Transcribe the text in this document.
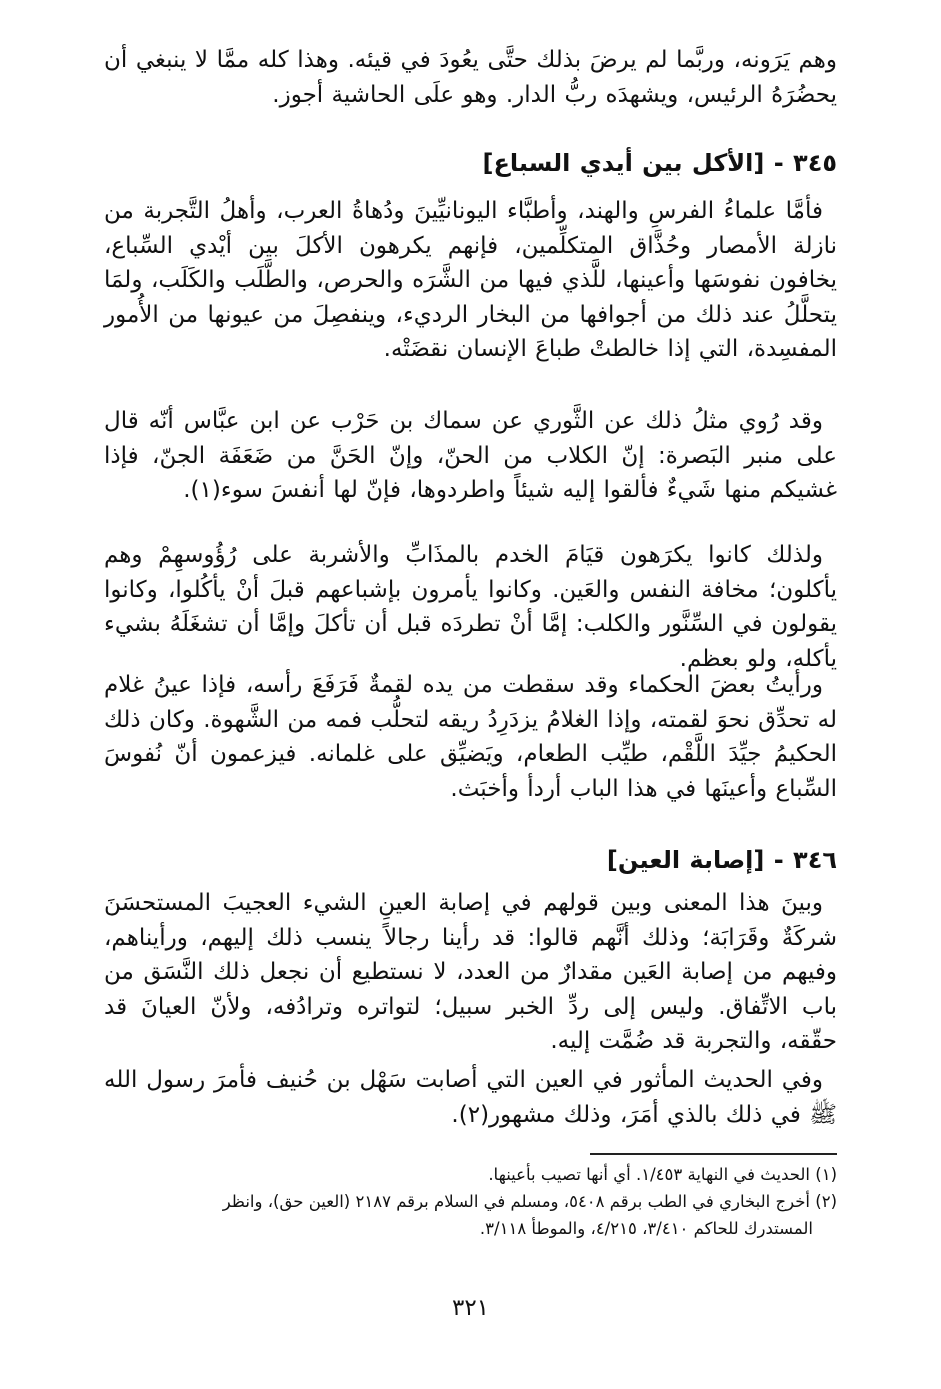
وهم يَرَونه، وربَّما لم يرضَ بذلك حتَّى يعُودَ في قيئه. وهذا كله ممَّا لا ينبغي أن يحضُرَهُ الرئيس، ويشهدَه ربُّ الدار. وهو علَى الحاشية أجوز.

٣٤٥ - [الأكل بين أيدي السباع]

فأمَّا علماءُ الفرسِ والهند، وأطبَّاء اليونانيِّينَ ودُهاةُ العرب، وأهلُ التَّجربة من نازلة الأمصار وحُذَّاق المتكلِّمين، فإنهم يكرهون الأكلَ بين أيْدي السِّباع، يخافون نفوسَها وأعينها، للَّذي فيها من الشَّرَه والحرص، والطَّلَب والكَلَب، ولمَا يتحلَّلُ عند ذلك من أجوافها من البخار الرديء، وينفصِلَ من عيونها من الأُمور المفسِدة، التي إذا خالطتْ طباعَ الإنسان نقضَتْه.

وقد رُوي مثلُ ذلك عن الثَّوري عن سماك بن حَرْب عن ابن عبَّاس أنّه قال على منبر البَصرة: إنّ الكلاب من الحنّ، وإنّ الحَنَّ من ضَعَفَة الجنّ، فإذا غشيكم منها شَيءٌ فألقوا إليه شيئاً واطردوها، فإنّ لها أنفسَ سوء(١).

ولذلك كانوا يكرَهون قيَامَ الخدم بالمذَابِّ والأشربة على رُؤُوسهِمْ وهم يأكلون؛ مخافة النفس والعَين. وكانوا يأمرون بإشباعهم قبلَ أنْ يأكُلوا، وكانوا يقولون في السِّنَّور والكلب: إمَّا أنْ تطردَه قبل أن تأكلَ وإمَّا أن تشغَلَهُ بشيء يأكله، ولو بعظم.

ورأيتُ بعضَ الحكماء وقد سقطت من يده لقمةٌ فَرَفَعَ رأسه، فإذا عينُ غلام له تحدِّق نحوَ لقمته، وإذا الغلامُ يزدَرِدُ ريقه لتحلُّب فمه من الشَّهوة. وكان ذلك الحكيمُ جيِّدَ اللَّقْم، طيِّب الطعام، ويَضيِّق على غلمانه. فيزعمون أنّ نُفوسَ السِّباع وأعينَها في هذا الباب أردأ وأخبَث.

٣٤٦ - [إصابة العين]

وبينَ هذا المعنى وبين قولهم في إصابة العينِ الشيء العجيبَ المستحسَنَ شركَةٌ وقَرَابَة؛ وذلك أنَّهم قالوا: قد رأينا رجالاً ينسب ذلك إليهم، ورأيناهم، وفيهم من إصابة العَين مقدارٌ من العدد، لا نستطيع أن نجعل ذلك النَّسَق من باب الاتِّفاق. وليس إلى ردِّ الخبر سبيل؛ لتواتره وترادُفه، ولأنّ العيانَ قد حقّقه، والتجربة قد ضُمَّت إليه.

وفي الحديث المأثور في العين التي أصابت سَهْل بن حُنيف فأمرَ رسول الله ﷺ في ذلك بالذي أمَرَ، وذلك مشهور(٢).

(١) الحديث في النهاية ١/٤٥٣. أي أنها تصيب بأعينها.

(٢) أخرج البخاري في الطب برقم ٥٤٠٨، ومسلم في السلام برقم ٢١٨٧ (العين حق)، وانظر

المستدرك للحاكم ٣/٤١٠، ٤/٢١٥، والموطأ ٣/١١٨.

٣٢١
